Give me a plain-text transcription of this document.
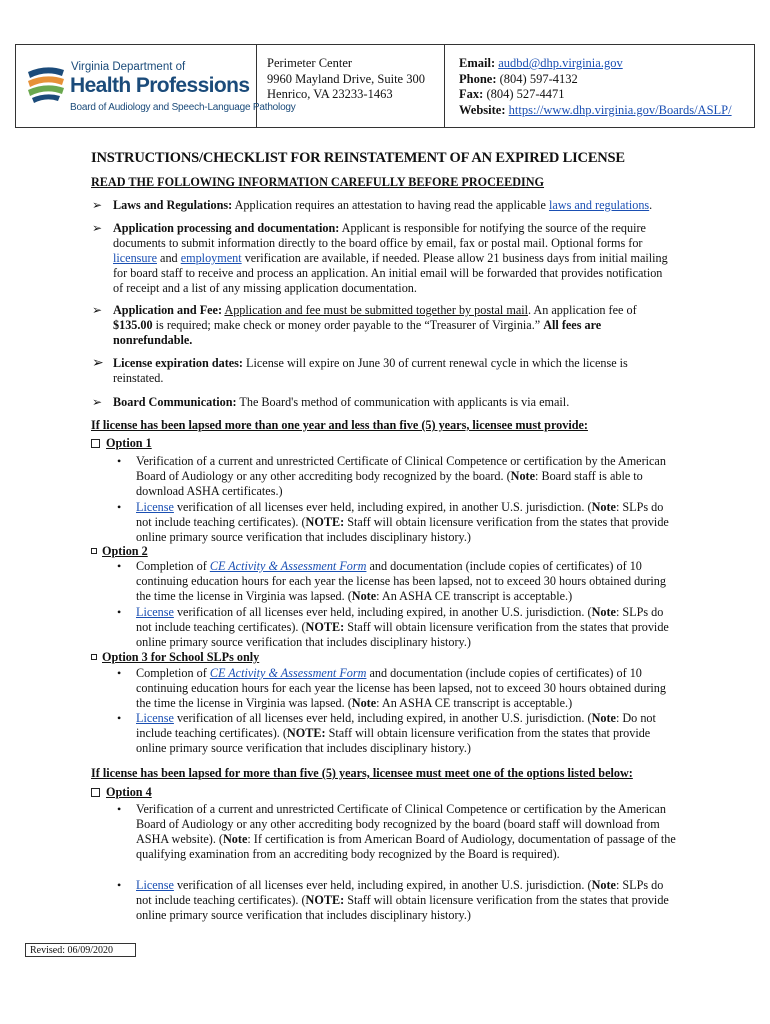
Virginia Department of
Health Professions
Board of Audiology and Speech-Language Pathology
Perimeter Center
9960 Mayland Drive, Suite 300
Henrico, VA 23233-1463
Email: audbd@dhp.virginia.gov
Phone: (804) 597-4132
Fax: (804) 527-4471
Website: https://www.dhp.virginia.gov/Boards/ASLP/
INSTRUCTIONS/CHECKLIST FOR REINSTATEMENT OF AN EXPIRED LICENSE
READ THE FOLLOWING INFORMATION CAREFULLY BEFORE PROCEEDING
➢ Laws and Regulations: Application requires an attestation to having read the applicable laws and regulations.
➢ Application processing and documentation: Applicant is responsible for notifying the source of the require documents to submit information directly to the board office by email, fax or postal mail. Optional forms for licensure and employment verification are available, if needed. Please allow 21 business days from initial mailing for board staff to receive and process an application. An initial email will be forwarded that provides notification of receipt and a list of any missing application documentation.
➢ Application and Fee: Application and fee must be submitted together by postal mail. An application fee of $135.00 is required; make check or money order payable to the “Treasurer of Virginia.” All fees are nonrefundable.
➢ License expiration dates: License will expire on June 30 of current renewal cycle in which the license is reinstated.
➢ Board Communication: The Board's method of communication with applicants is via email.
If license has been lapsed more than one year and less than five (5) years, licensee must provide:
Option 1
• Verification of a current and unrestricted Certificate of Clinical Competence or certification by the American Board of Audiology or any other accrediting body recognized by the board. (Note: Board staff is able to download ASHA certificates.)
• License verification of all licenses ever held, including expired, in another U.S. jurisdiction. (Note: SLPs do not include teaching certificates). (NOTE: Staff will obtain licensure verification from the states that provide online primary source verification that includes disciplinary history.)
Option 2
• Completion of CE Activity & Assessment Form and documentation (include copies of certificates) of 10 continuing education hours for each year the license has been lapsed, not to exceed 30 hours obtained during the time the license in Virginia was lapsed. (Note: An ASHA CE transcript is acceptable.)
• License verification of all licenses ever held, including expired, in another U.S. jurisdiction. (Note: SLPs do not include teaching certificates). (NOTE: Staff will obtain licensure verification from the states that provide online primary source verification that includes disciplinary history.)
Option 3 for School SLPs only
• Completion of CE Activity & Assessment Form and documentation (include copies of certificates) of 10 continuing education hours for each year the license has been lapsed, not to exceed 30 hours obtained during the time the license in Virginia was lapsed. (Note: An ASHA CE transcript is acceptable.)
• License verification of all licenses ever held, including expired, in another U.S. jurisdiction. (Note: Do not include teaching certificates). (NOTE: Staff will obtain licensure verification from the states that provide online primary source verification that includes disciplinary history.)
If license has been lapsed for more than five (5) years, licensee must meet one of the options listed below:
Option 4
• Verification of a current and unrestricted Certificate of Clinical Competence or certification by the American Board of Audiology or any other accrediting body recognized by the board (board staff will download from ASHA website). (Note: If certification is from American Board of Audiology, documentation of passage of the qualifying examination from an accrediting body recognized by the Board is required).
• License verification of all licenses ever held, including expired, in another U.S. jurisdiction. (Note: SLPs do not include teaching certificates). (NOTE: Staff will obtain licensure verification from the states that provide online primary source verification that includes disciplinary history.)
Revised: 06/09/2020
